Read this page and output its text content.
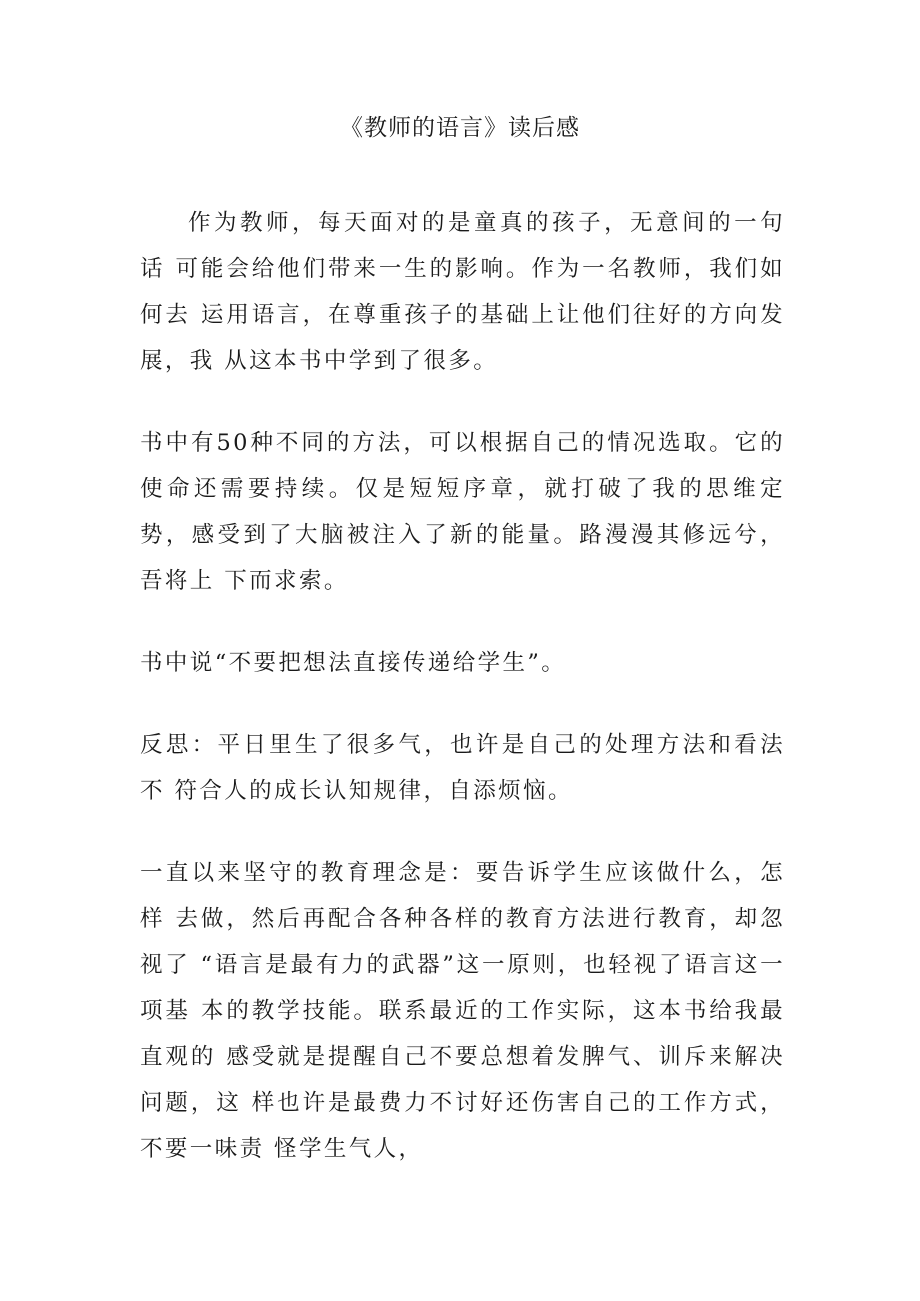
《教师的语言》读后感

作为教师，每天面对的是童真的孩子，无意间的一句话 可能会给他们带来一生的影响。作为一名教师，我们如何去 运用语言，在尊重孩子的基础上让他们往好的方向发展，我 从这本书中学到了很多。

书中有50种不同的方法，可以根据自己的情况选取。它的 使命还需要持续。仅是短短序章，就打破了我的思维定势，感受到了大脑被注入了新的能量。路漫漫其修远兮，吾将上 下而求索。

书中说“不要把想法直接传递给学生”。

反思：平日里生了很多气，也许是自己的处理方法和看法不 符合人的成长认知规律，自添烦恼。

一直以来坚守的教育理念是：要告诉学生应该做什么，怎样 去做，然后再配合各种各样的教育方法进行教育，却忽视了 “语言是最有力的武器”这一原则，也轻视了语言这一项基 本的教学技能。联系最近的工作实际，这本书给我最直观的 感受就是提醒自己不要总想着发脾气、训斥来解决问题，这 样也许是最费力不讨好还伤害自己的工作方式，不要一味责 怪学生气人，
